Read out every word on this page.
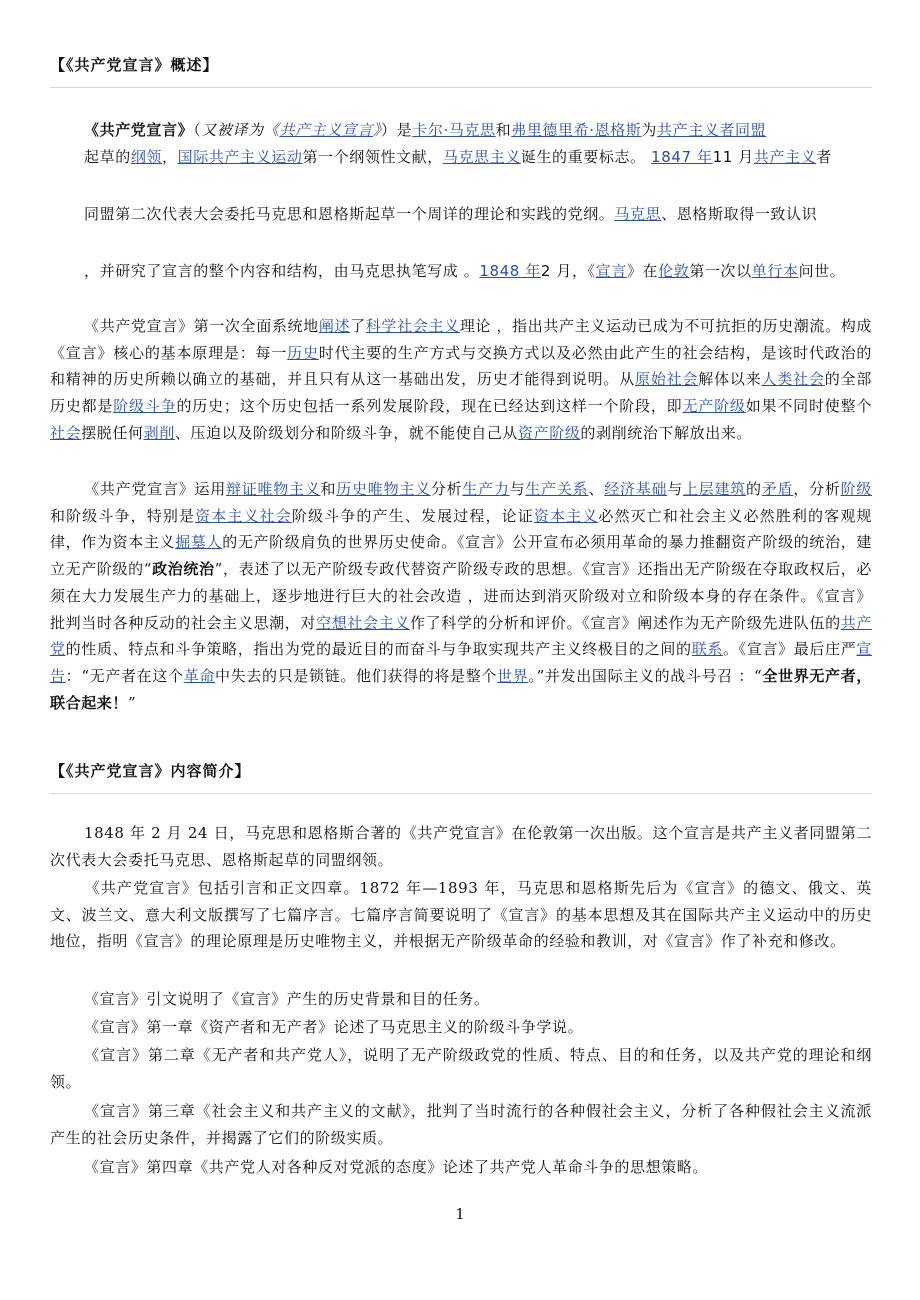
【《共产党宣言》概述】
《共产党宣言》（又被译为《共产主义宣言》）是卡尔·马克思和弗里德里希·恩格斯为共产主义者同盟
起草的纲领，国际共产主义运动第一个纲领性文献，马克思主义诞生的重要标志。 1847 年11 月共产主义者
同盟第二次代表大会委托马克思和恩格斯起草一个周详的理论和实践的党纲。马克思、恩格斯取得一致认识
，并研究了宣言的整个内容和结构，由马克思执笔写成 。1848 年2 月，《宣言》在伦敦第一次以单行本问世。
《共产党宣言》第一次全面系统地阐述了科学社会主义理论 ，指出共产主义运动已成为不可抗拒的历史潮流。构成《宣言》核心的基本原理是：每一历史时代主要的生产方式与交换方式以及必然由此产生的社会结构，是该时代政治的和精神的历史所赖以确立的基础，并且只有从这一基础出发，历史才能得到说明。从原始社会解体以来人类社会的全部历史都是阶级斗争的历史；这个历史包括一系列发展阶段，现在已经达到这样一个阶段，即无产阶级如果不同时使整个社会摆脱任何剥削、压迫以及阶级划分和阶级斗争，就不能使自己从资产阶级的剥削统治下解放出来。
《共产党宣言》运用辩证唯物主义和历史唯物主义分析生产力与生产关系、经济基础与上层建筑的矛盾，分析阶级和阶级斗争，特别是资本主义社会阶级斗争的产生、发展过程，论证资本主义必然灭亡和社会主义必然胜利的客观规律，作为资本主义掘墓人的无产阶级肩负的世界历史使命。《宣言》公开宣布必须用革命的暴力推翻资产阶级的统治，建立无产阶级的“政治统治”，表述了以无产阶级专政代替资产阶级专政的思想。《宣言》还指出无产阶级在夺取政权后，必须在大力发展生产力的基础上，逐步地进行巨大的社会改造 ，进而达到消灭阶级对立和阶级本身的存在条件。《宣言》批判当时各种反动的社会主义思潮，对空想社会主义作了科学的分析和评价。《宣言》阐述作为无产阶级先进队伍的共产党的性质、特点和斗争策略，指出为党的最近目的而奋斗与争取实现共产主义终极目的之间的联系。《宣言》最后庄严宣告：“无产者在这个革命中失去的只是锁链。他们获得的将是整个世界。”并发出国际主义的战斗号召 ：“全世界无产者，联合起来！”
【《共产党宣言》内容简介】
1848 年 2 月 24 日，马克思和恩格斯合著的《共产党宣言》在伦敦第一次出版。这个宣言是共产主义者同盟第二次代表大会委托马克思、恩格斯起草的同盟纲领。
《共产党宣言》包括引言和正文四章。1872 年—1893 年，马克思和恩格斯先后为《宣言》的德文、俄文、英文、波兰文、意大利文版撰写了七篇序言。七篇序言简要说明了《宣言》的基本思想及其在国际共产主义运动中的历史地位，指明《宣言》的理论原理是历史唯物主义，并根据无产阶级革命的经验和教训，对《宣言》作了补充和修改。
《宣言》引文说明了《宣言》产生的历史背景和目的任务。
《宣言》第一章《资产者和无产者》论述了马克思主义的阶级斗争学说。
《宣言》第二章《无产者和共产党人》，说明了无产阶级政党的性质、特点、目的和任务，以及共产党的理论和纲领。
《宣言》第三章《社会主义和共产主义的文献》，批判了当时流行的各种假社会主义，分析了各种假社会主义流派产生的社会历史条件，并揭露了它们的阶级实质。
《宣言》第四章《共产党人对各种反对党派的态度》论述了共产党人革命斗争的思想策略。
1
